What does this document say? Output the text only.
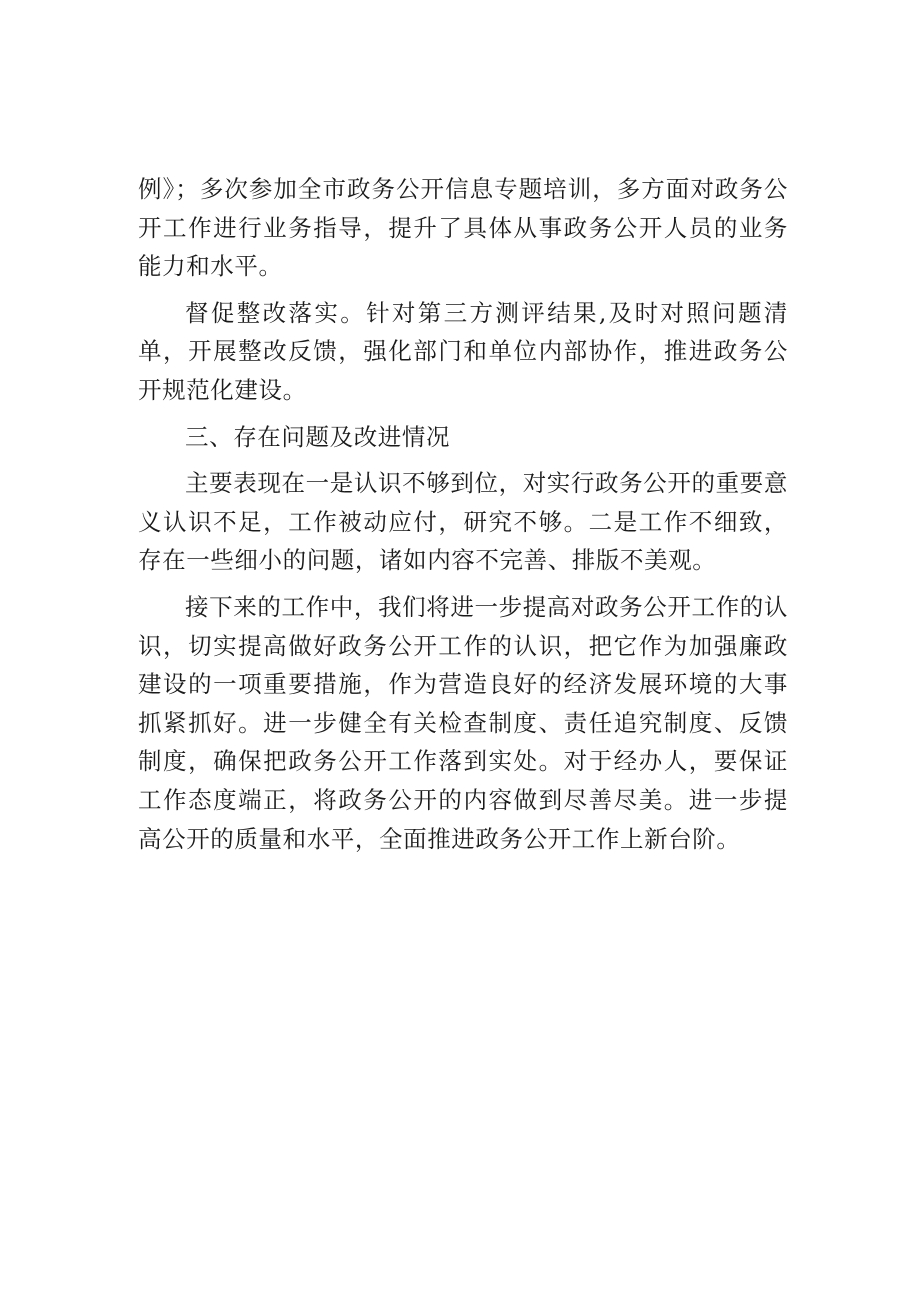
例》；多次参加全市政务公开信息专题培训，多方面对政务公开工作进行业务指导，提升了具体从事政务公开人员的业务能力和水平。

督促整改落实。针对第三方测评结果,及时对照问题清单，开展整改反馈，强化部门和单位内部协作，推进政务公开规范化建设。

三、存在问题及改进情况

主要表现在一是认识不够到位，对实行政务公开的重要意义认识不足，工作被动应付，研究不够。二是工作不细致，存在一些细小的问题，诸如内容不完善、排版不美观。

接下来的工作中，我们将进一步提高对政务公开工作的认识，切实提高做好政务公开工作的认识，把它作为加强廉政建设的一项重要措施，作为营造良好的经济发展环境的大事抓紧抓好。进一步健全有关检查制度、责任追究制度、反馈制度，确保把政务公开工作落到实处。对于经办人，要保证工作态度端正，将政务公开的内容做到尽善尽美。进一步提高公开的质量和水平，全面推进政务公开工作上新台阶。
